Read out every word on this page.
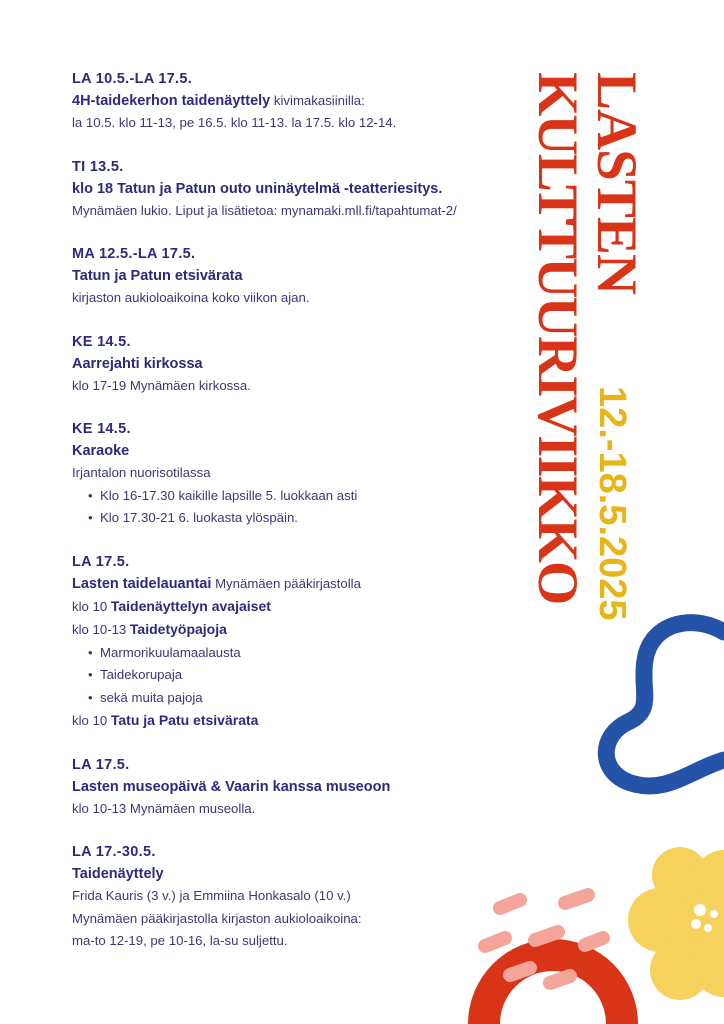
LA 10.5.-LA 17.5.
4H-taidekerhon taidenäyttely kivimakasiinilla:
la 10.5. klo 11-13, pe 16.5. klo 11-13. la 17.5. klo 12-14.
TI 13.5.
klo 18 Tatun ja Patun outo uninäytelmä -teatteriesitys.
Mynämäen lukio. Liput ja lisätietoa: mynamaki.mll.fi/tapahtumat-2/
MA 12.5.-LA 17.5.
Tatun ja Patun etsivärata
kirjaston aukioloaikoina koko viikon ajan.
KE 14.5.
Aarrejahti kirkossa
klo 17-19 Mynämäen kirkossa.
KE 14.5.
Karaoke
Irjantalon nuorisotilassa
• Klo 16-17.30 kaikille lapsille 5. luokkaan asti
• Klo 17.30-21 6. luokasta ylöspäin.
LA 17.5.
Lasten taidelauantai Mynämäen pääkirjastolla
klo 10 Taidenäyttelyn avajaiset
klo 10-13 Taidetyöpajoja
• Marmorikuulamaalausta
• Taidekorupaja
• sekä muita pajoja
klo 10 Tatu ja Patu etsivärata
LA 17.5.
Lasten museopäivä & Vaarin kanssa museoon
klo 10-13 Mynämäen museolla.
LA 17.-30.5.
Taidenäyttely
Frida Kauris (3 v.) ja Emmiina Honkasalo (10 v.)
Mynämäen pääkirjastolla kirjaston aukioloaikoina:
ma-to 12-19, pe 10-16, la-su suljettu.
LASTEN
KULTTUURIVIIKKO 12.-18.5.2025
